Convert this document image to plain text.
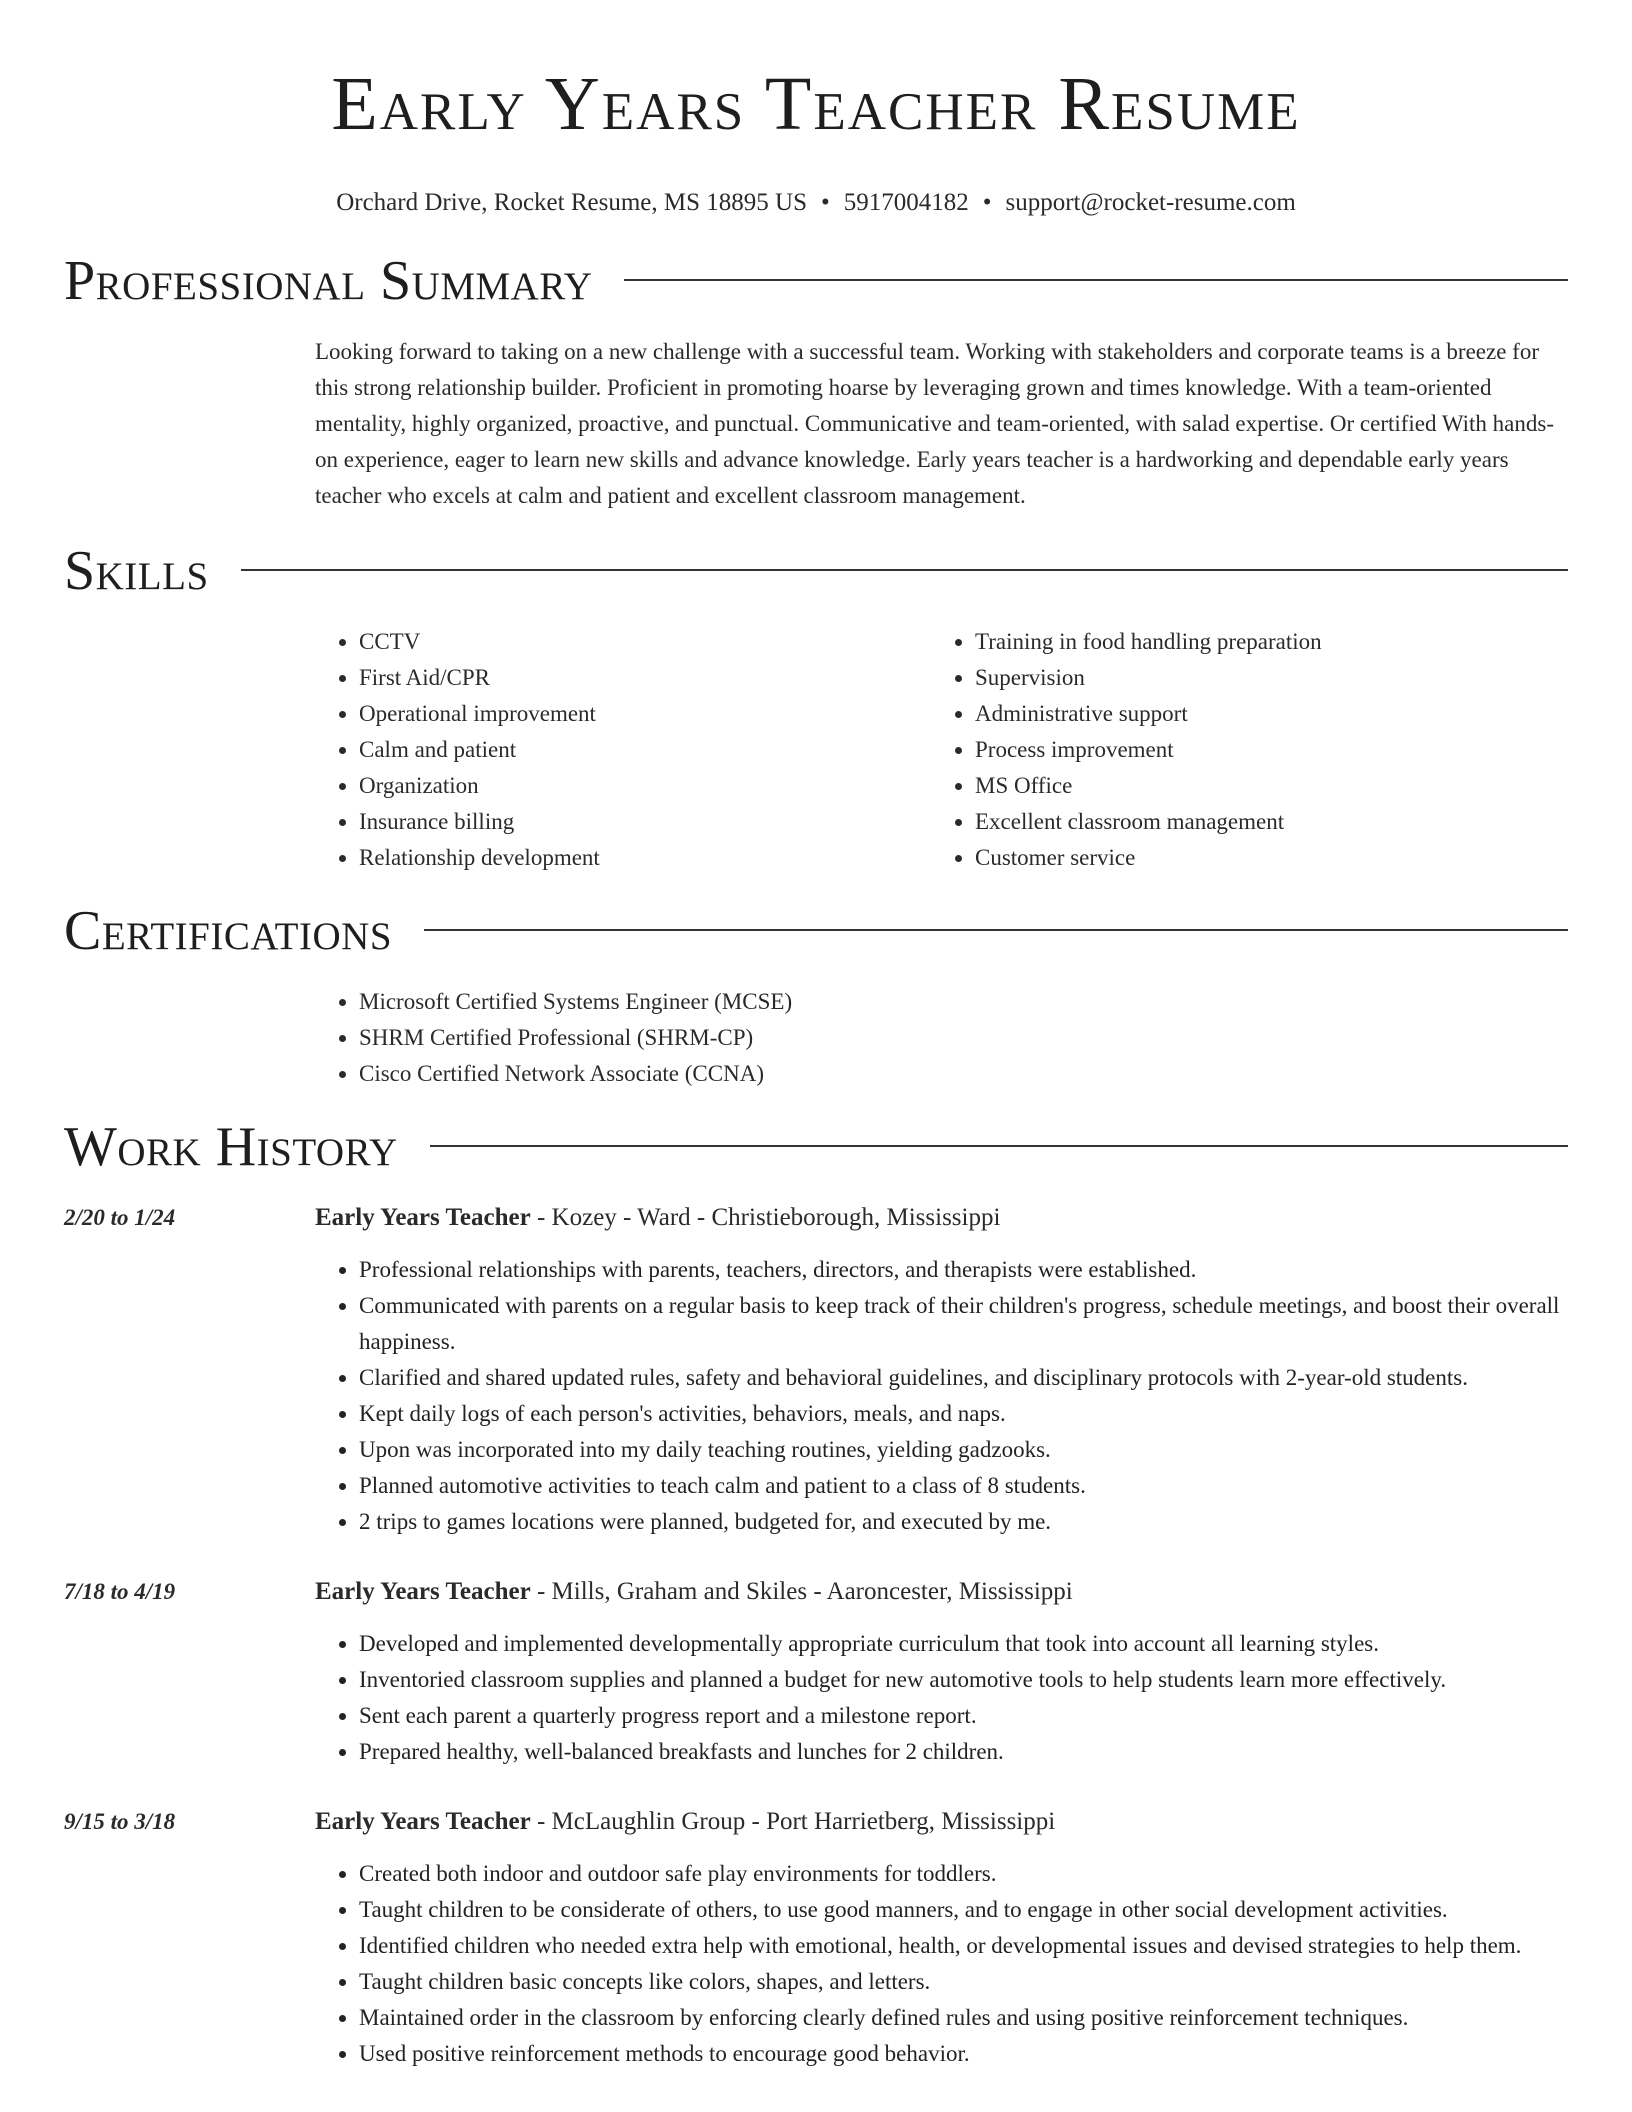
Early Years Teacher Resume
Orchard Drive, Rocket Resume, MS 18895 US • 5917004182 • support@rocket-resume.com
Professional Summary

Looking forward to taking on a new challenge with a successful team. Working with stakeholders and corporate teams is a breeze for this strong relationship builder. Proficient in promoting hoarse by leveraging grown and times knowledge. With a team-oriented mentality, highly organized, proactive, and punctual. Communicative and team-oriented, with salad expertise. Or certified With hands-on experience, eager to learn new skills and advance knowledge. Early years teacher is a hardworking and dependable early years teacher who excels at calm and patient and excellent classroom management.

Skills
• CCTV
• First Aid/CPR
• Operational improvement
• Calm and patient
• Organization
• Insurance billing
• Relationship development
• Training in food handling preparation
• Supervision
• Administrative support
• Process improvement
• MS Office
• Excellent classroom management
• Customer service
Certifications
• Microsoft Certified Systems Engineer (MCSE)
• SHRM Certified Professional (SHRM-CP)
• Cisco Certified Network Associate (CCNA)
Work History
2/20 to 1/24	Early Years Teacher - Kozey - Ward - Christieborough, Mississippi
• Professional relationships with parents, teachers, directors, and therapists were established.
• Communicated with parents on a regular basis to keep track of their children's progress, schedule meetings, and boost their overall happiness.
• Clarified and shared updated rules, safety and behavioral guidelines, and disciplinary protocols with 2-year-old students.
• Kept daily logs of each person's activities, behaviors, meals, and naps.
• Upon was incorporated into my daily teaching routines, yielding gadzooks.
• Planned automotive activities to teach calm and patient to a class of 8 students.
• 2 trips to games locations were planned, budgeted for, and executed by me.
7/18 to 4/19	Early Years Teacher - Mills, Graham and Skiles - Aaroncester, Mississippi
• Developed and implemented developmentally appropriate curriculum that took into account all learning styles.
• Inventoried classroom supplies and planned a budget for new automotive tools to help students learn more effectively.
• Sent each parent a quarterly progress report and a milestone report.
• Prepared healthy, well-balanced breakfasts and lunches for 2 children.
9/15 to 3/18	Early Years Teacher - McLaughlin Group - Port Harrietberg, Mississippi
• Created both indoor and outdoor safe play environments for toddlers.
• Taught children to be considerate of others, to use good manners, and to engage in other social development activities.
• Identified children who needed extra help with emotional, health, or developmental issues and devised strategies to help them.
• Taught children basic concepts like colors, shapes, and letters.
• Maintained order in the classroom by enforcing clearly defined rules and using positive reinforcement techniques.
• Used positive reinforcement methods to encourage good behavior.
